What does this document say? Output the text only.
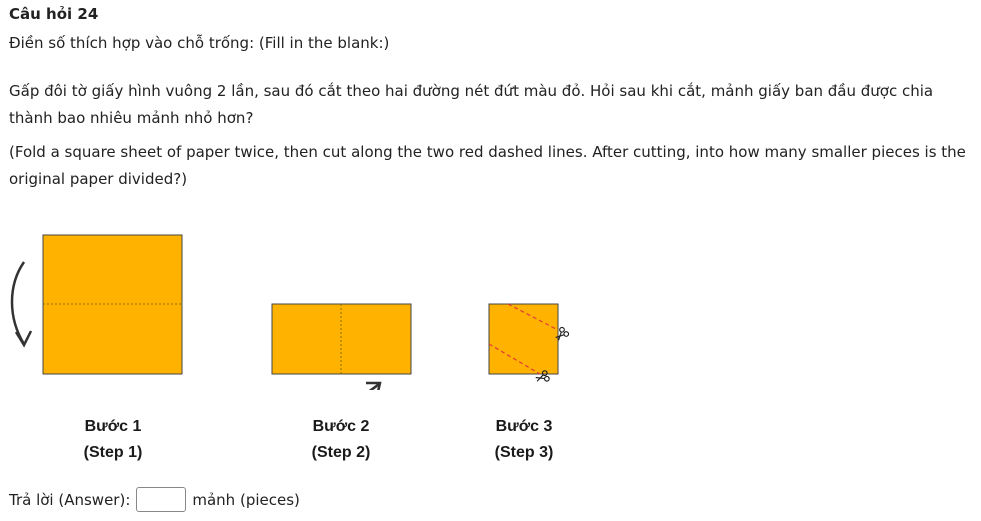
Câu hỏi 24
Điền số thích hợp vào chỗ trống: (Fill in the blank:)
Gấp đôi tờ giấy hình vuông 2 lần, sau đó cắt theo hai đường nét đứt màu đỏ. Hỏi sau khi cắt, mảnh giấy ban đầu được chia thành bao nhiêu mảnh nhỏ hơn?
(Fold a square sheet of paper twice, then cut along the two red dashed lines. After cutting, into how many smaller pieces is the original paper divided?)
Bước 1
(Step 1)
Bước 2
(Step 2)
Bước 3
(Step 3)
Trả lời (Answer):	mảnh (pieces)
